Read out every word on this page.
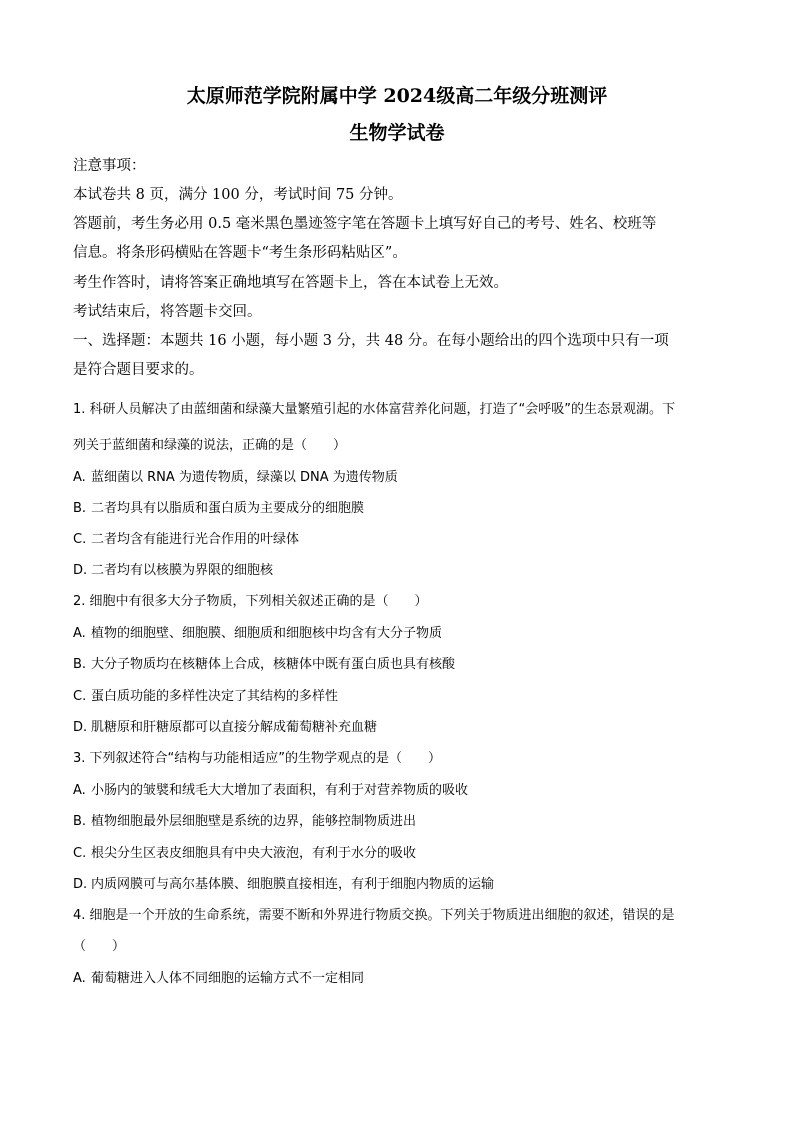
太原师范学院附属中学 2024级高二年级分班测评
生物学试卷
注意事项：
本试卷共 8 页，满分 100 分，考试时间 75 分钟。
答题前，考生务必用 0.5 毫米黑色墨迹签字笔在答题卡上填写好自己的考号、姓名、校班等
信息。将条形码横贴在答题卡“考生条形码粘贴区”。
考生作答时，请将答案正确地填写在答题卡上，答在本试卷上无效。
考试结束后，将答题卡交回。
一、选择题：本题共 16 小题，每小题 3 分，共 48 分。在每小题给出的四个选项中只有一项
是符合题目要求的。
1. 科研人员解决了由蓝细菌和绿藻大量繁殖引起的水体富营养化问题，打造了“会呼吸”的生态景观湖。下
列关于蓝细菌和绿藻的说法，正确的是（　　）
A. 蓝细菌以 RNA 为遗传物质，绿藻以 DNA 为遗传物质
B. 二者均具有以脂质和蛋白质为主要成分的细胞膜
C. 二者均含有能进行光合作用的叶绿体
D. 二者均有以核膜为界限的细胞核
2. 细胞中有很多大分子物质，下列相关叙述正确的是（　　）
A. 植物的细胞壁、细胞膜、细胞质和细胞核中均含有大分子物质
B. 大分子物质均在核糖体上合成，核糖体中既有蛋白质也具有核酸
C. 蛋白质功能的多样性决定了其结构的多样性
D. 肌糖原和肝糖原都可以直接分解成葡萄糖补充血糖
3. 下列叙述符合“结构与功能相适应”的生物学观点的是（　　）
A. 小肠内的皱襞和绒毛大大增加了表面积，有利于对营养物质的吸收
B. 植物细胞最外层细胞壁是系统的边界，能够控制物质进出
C. 根尖分生区表皮细胞具有中央大液泡，有利于水分的吸收
D. 内质网膜可与高尔基体膜、细胞膜直接相连，有利于细胞内物质的运输
4. 细胞是一个开放的生命系统，需要不断和外界进行物质交换。下列关于物质进出细胞的叙述，错误的是
（　　）
A. 葡萄糖进入人体不同细胞的运输方式不一定相同
